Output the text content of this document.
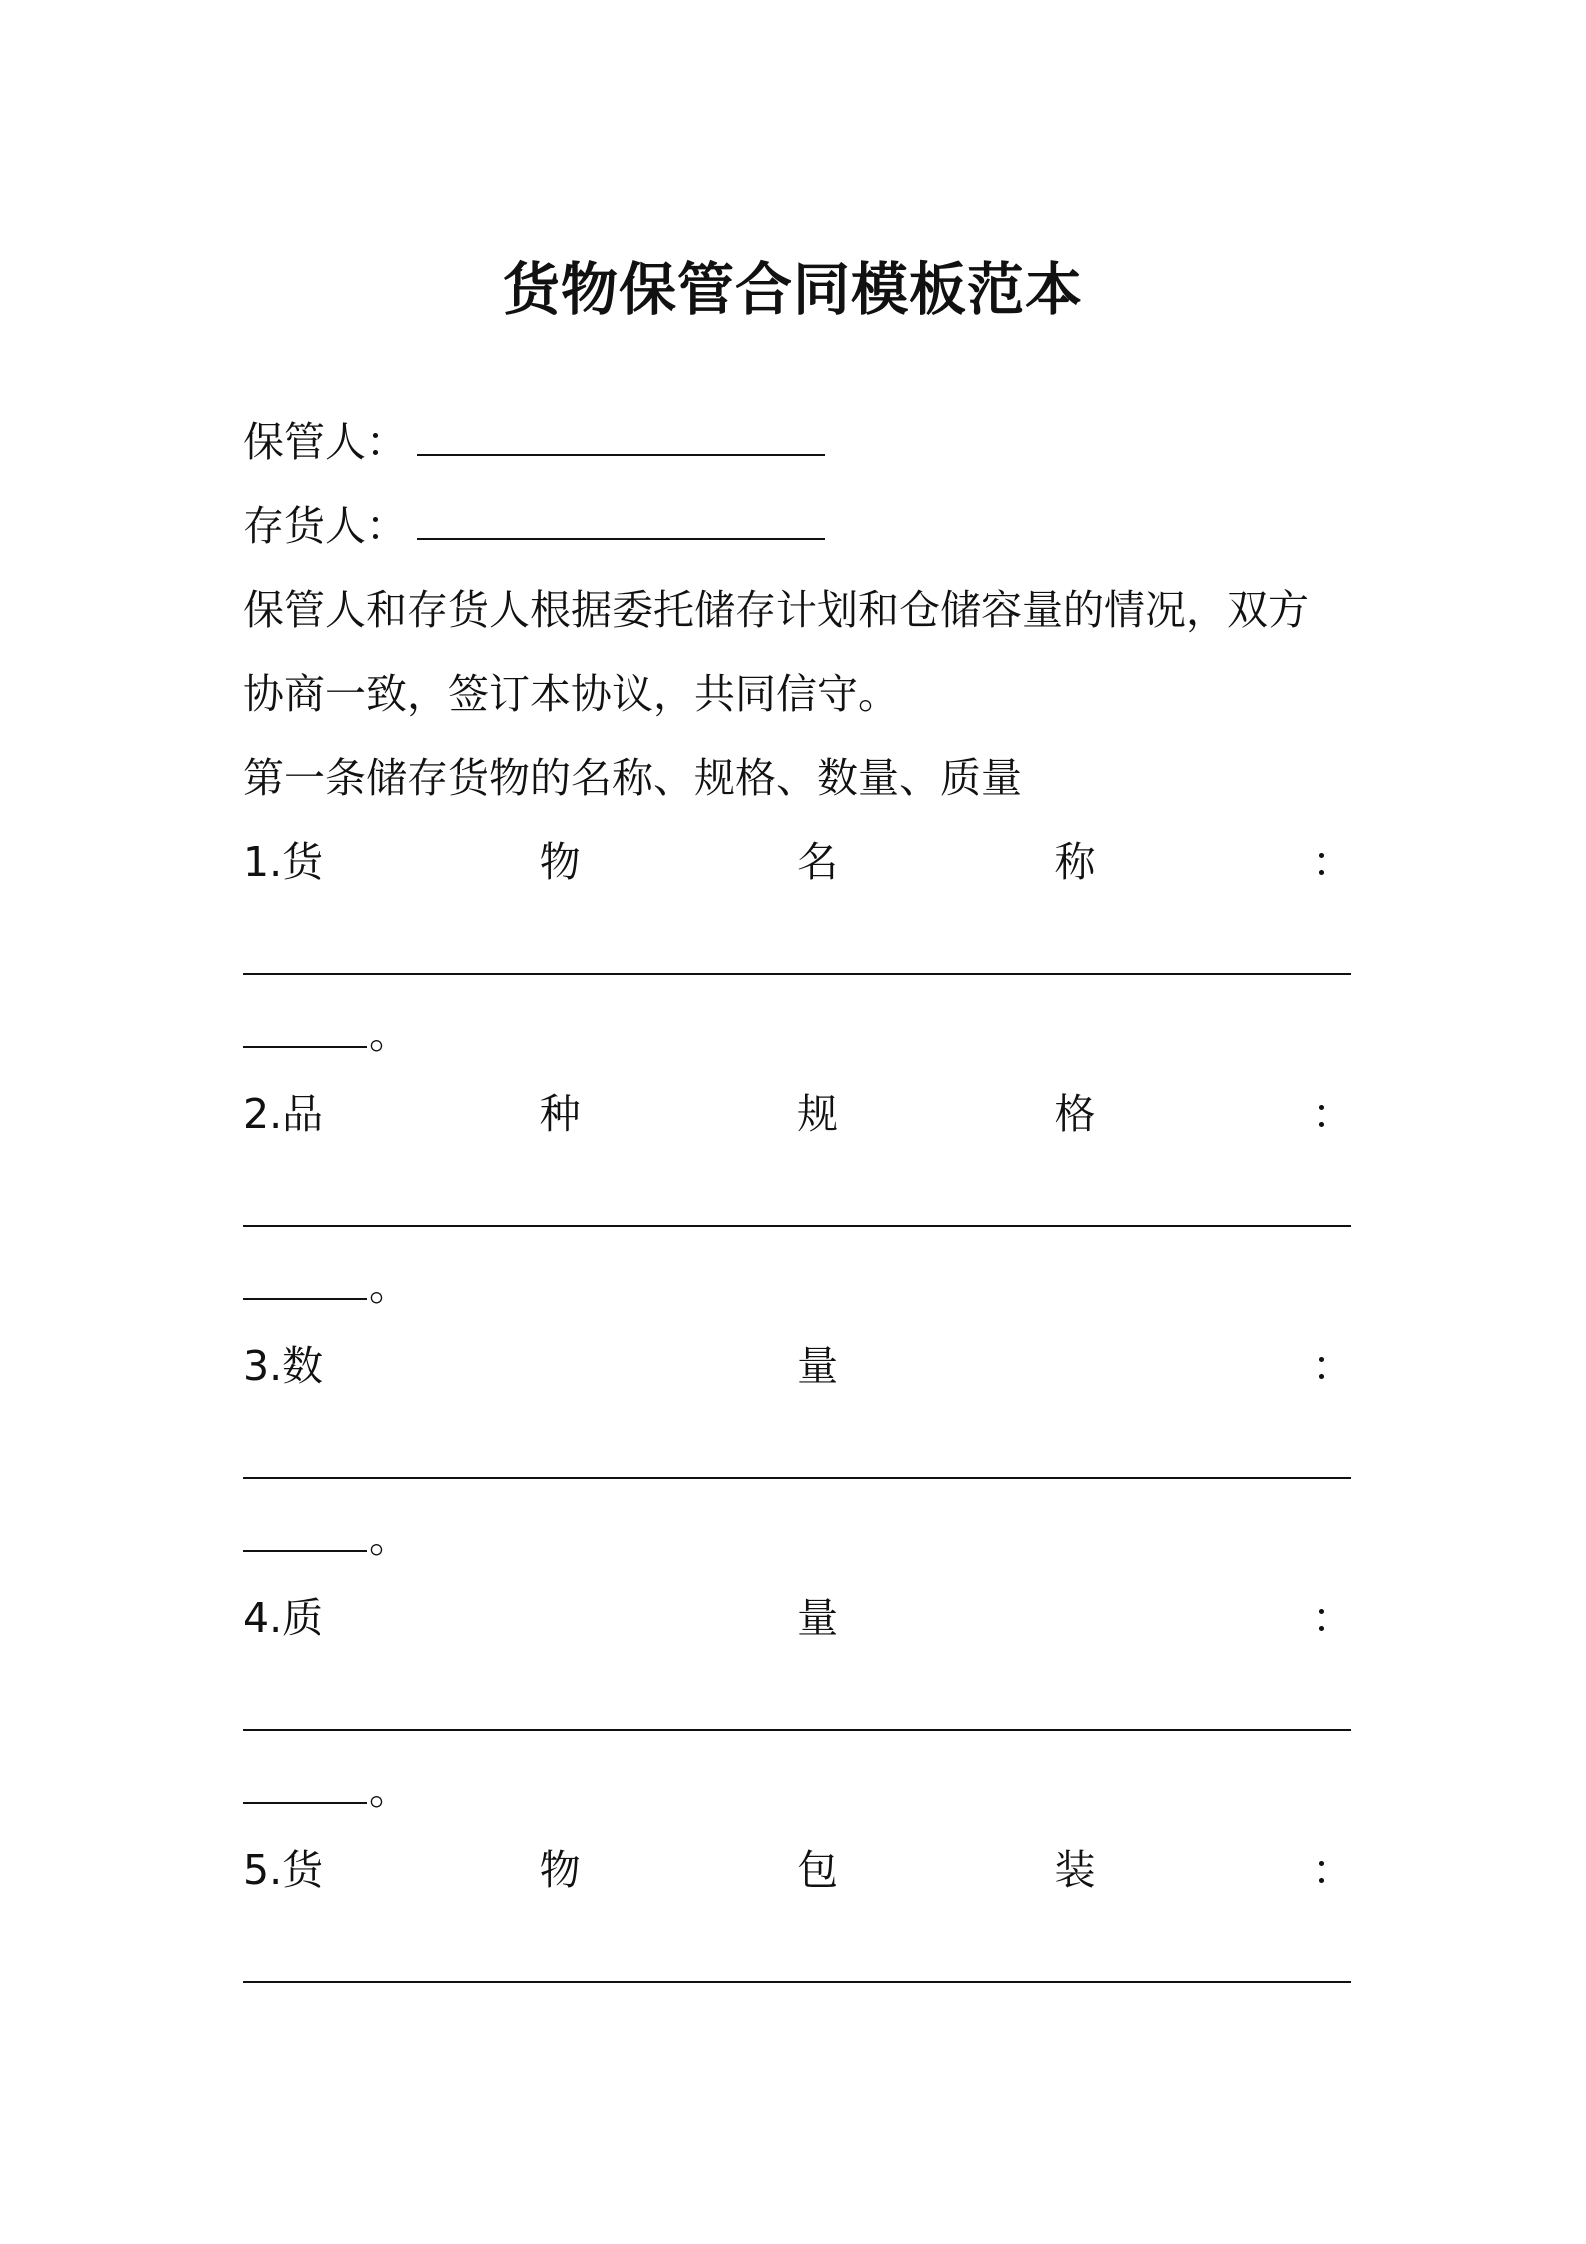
货物保管合同模板范本
保管人：
存货人：
保管人和存货人根据委托储存计划和仓储容量的情况，双方
协商一致，签订本协议，共同信守。
第一条储存货物的名称、规格、数量、质量
1.货	物	名	称	：
。
2.品	种	规	格	：
。
3.数	量	：
。
4.质	量	：
。
5.货	物	包	装	：
